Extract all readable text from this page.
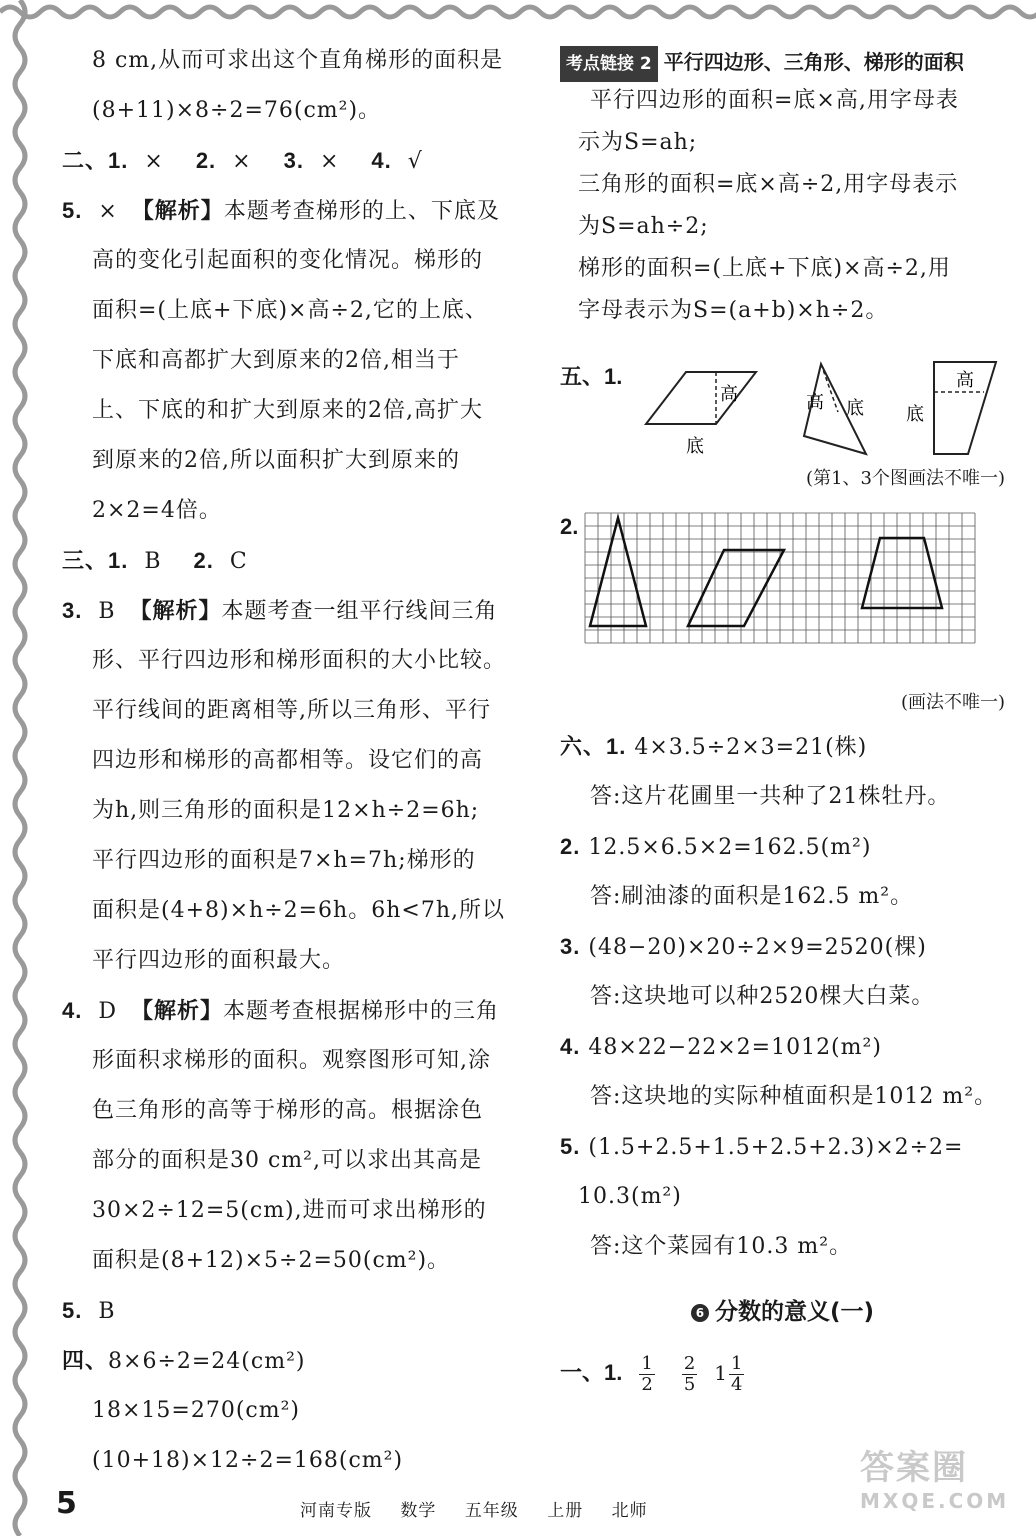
8 cm,从而可求出这个直角梯形的面积是
(8+11)×8÷2=76(cm²)。
二、1. × 2. × 3. × 4. √
5. × 【解析】本题考查梯形的上、下底及
高的变化引起面积的变化情况。梯形的
面积=(上底+下底)×高÷2,它的上底、
下底和高都扩大到原来的2倍,相当于
上、下底的和扩大到原来的2倍,高扩大
到原来的2倍,所以面积扩大到原来的
2×2=4倍。
三、1. B 2. C
3. B 【解析】本题考查一组平行线间三角
形、平行四边形和梯形面积的大小比较。
平行线间的距离相等,所以三角形、平行
四边形和梯形的高都相等。设它们的高
为h,则三角形的面积是12×h÷2=6h;
平行四边形的面积是7×h=7h;梯形的
面积是(4+8)×h÷2=6h。6h<7h,所以
平行四边形的面积最大。
4. D 【解析】本题考查根据梯形中的三角
形面积求梯形的面积。观察图形可知,涂
色三角形的高等于梯形的高。根据涂色
部分的面积是30 cm²,可以求出其高是
30×2÷12=5(cm),进而可求出梯形的
面积是(8+12)×5÷2=50(cm²)。
5. B
四、8×6÷2=24(cm²)
18×15=270(cm²)
(10+18)×12÷2=168(cm²)
考点链接 2 平行四边形、三角形、梯形的面积
平行四边形的面积=底×高,用字母表
示为S=ah;
三角形的面积=底×高÷2,用字母表示
为S=ah÷2;
梯形的面积=(上底+下底)×高÷2,用
字母表示为S=(a+b)×h÷2。
五、1.
高
底
高 底 底
高
(第1、3个图画法不唯一)
2.
(画法不唯一)
六、1. 4×3.5÷2×3=21(株)
答:这片花圃里一共种了21株牡丹。
2. 12.5×6.5×2=162.5(m²)
答:刷油漆的面积是162.5 m²。
3. (48−20)×20÷2×9=2520(棵)
答:这块地可以种2520棵大白菜。
4. 48×22−22×2=1012(m²)
答:这块地的实际种植面积是1012 m²。
5. (1.5+2.5+1.5+2.5+2.3)×2÷2=
10.3(m²)
答:这个菜园有10.3 m²。
6 分数的意义(一)
一、1. $\frac{1}{2}$
$\frac{2}{5} 1 \frac{1}{4}$
5	河南专版 数学 五年级 上册 北师
答案圈
MXQE.COM
